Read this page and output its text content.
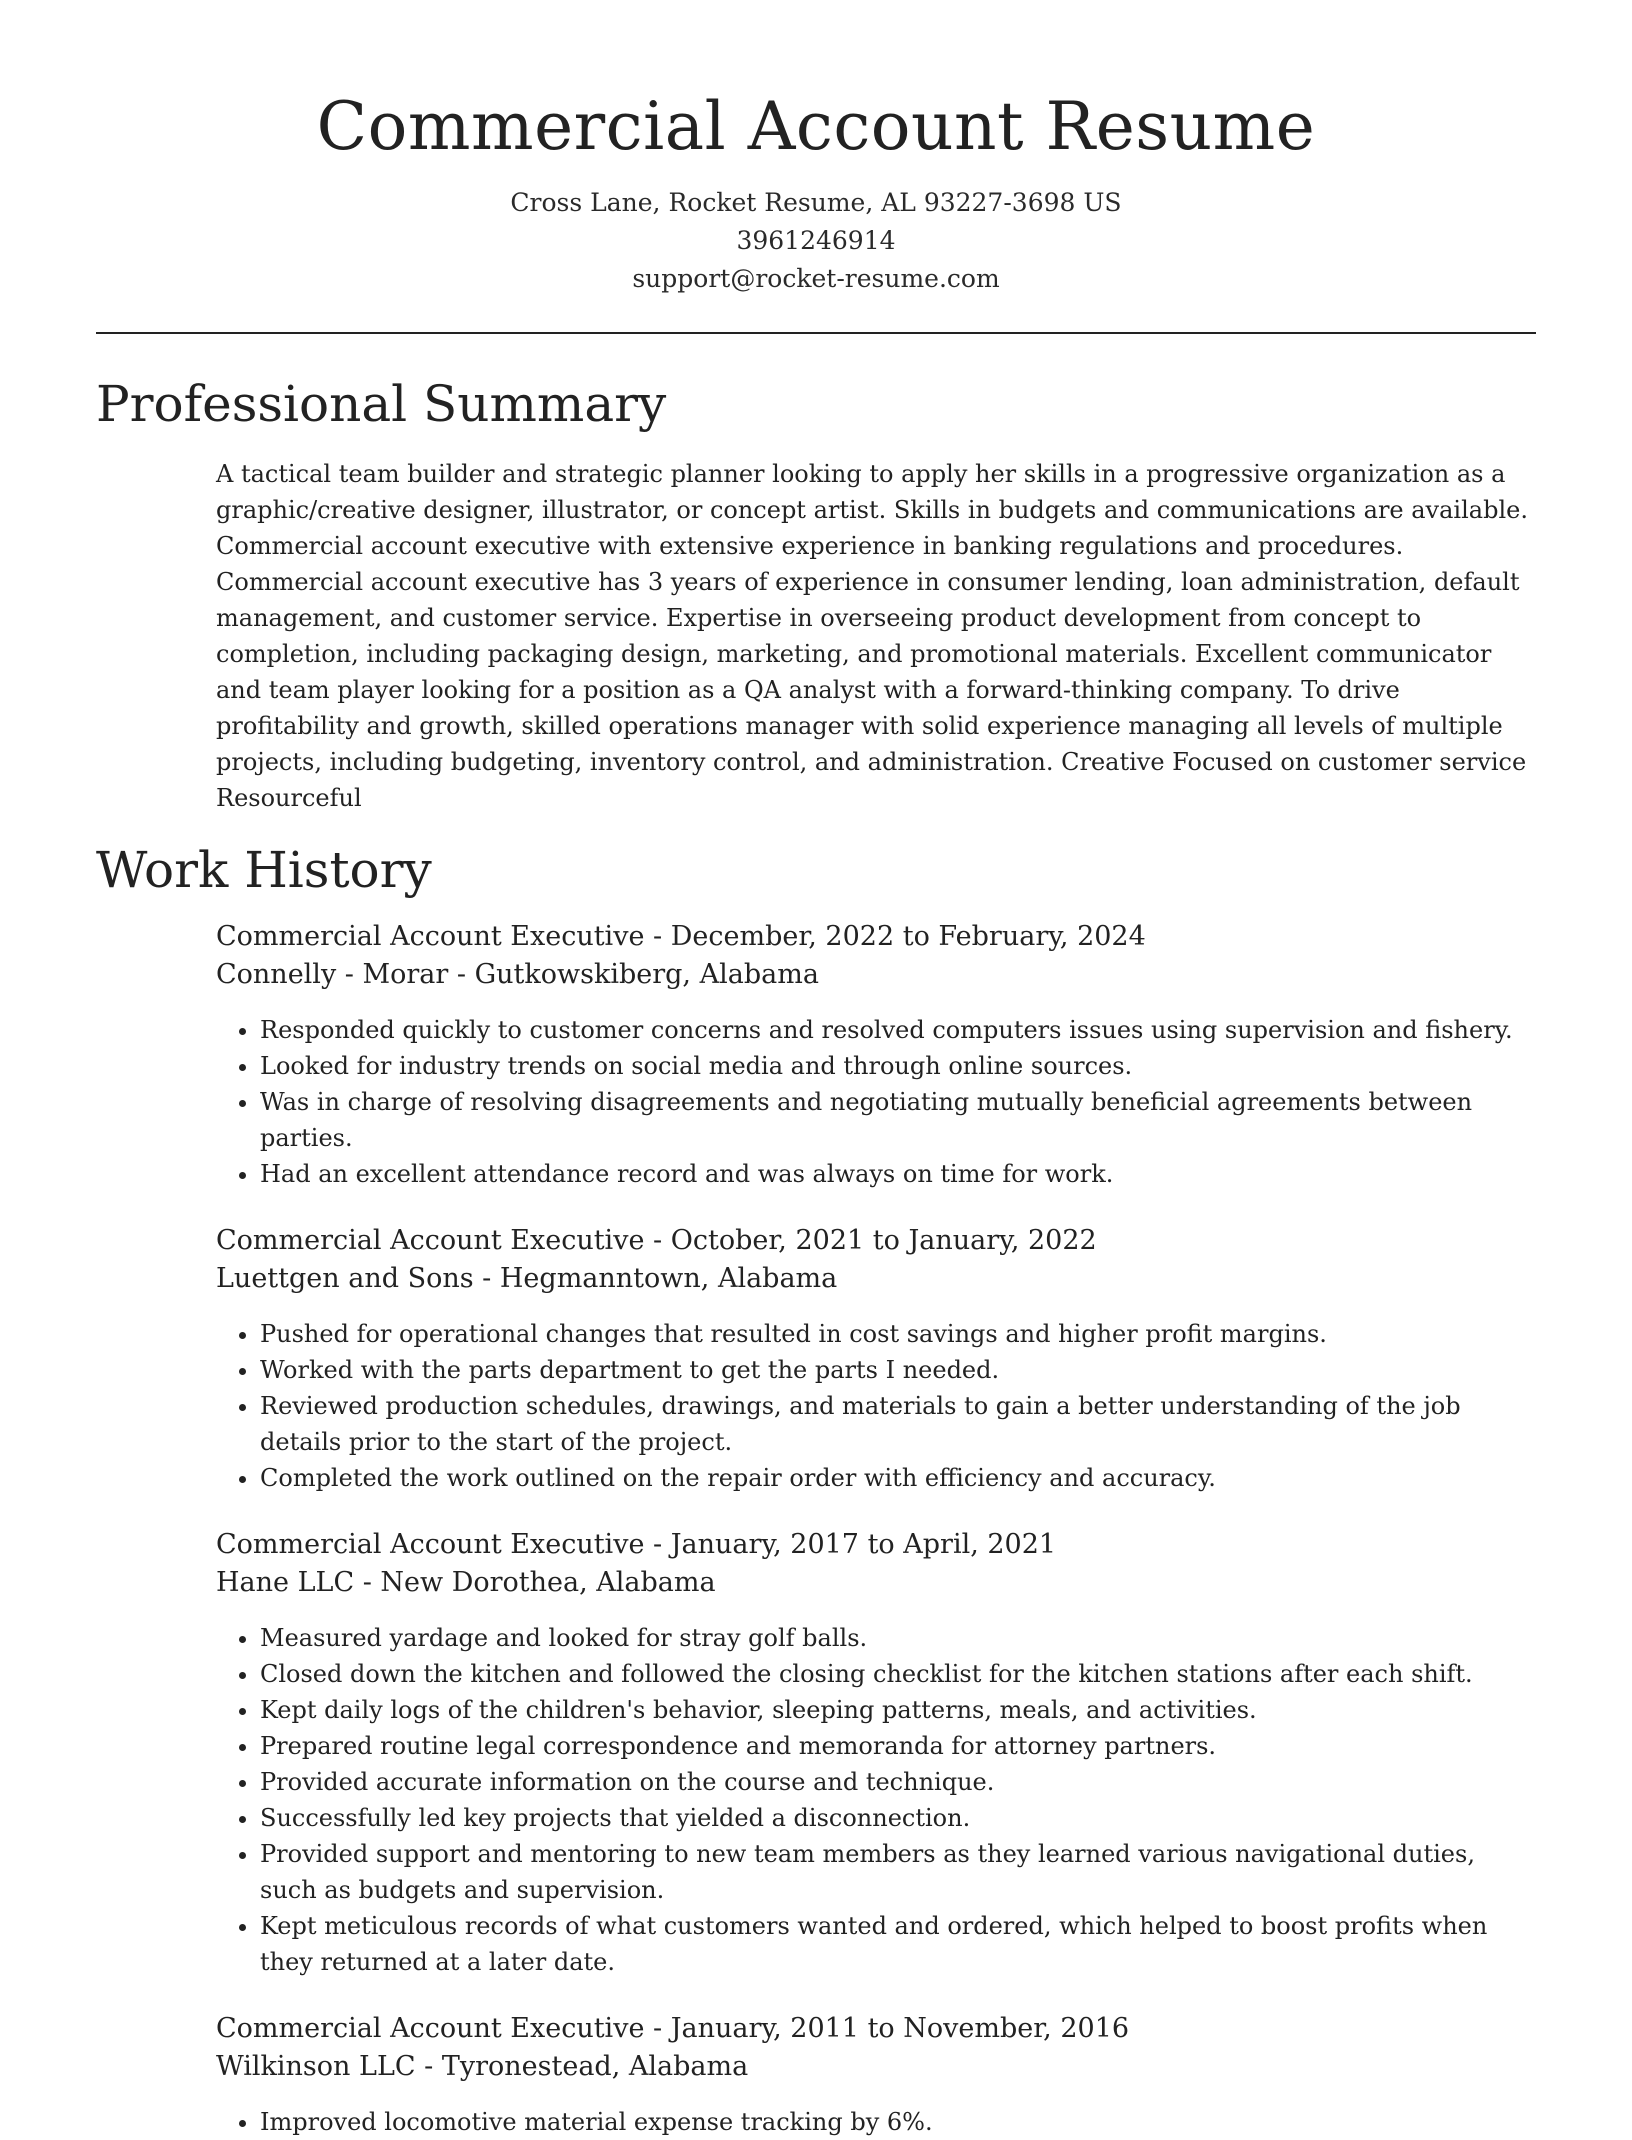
Commercial Account Resume
Cross Lane, Rocket Resume, AL 93227-3698 US
3961246914
support@rocket-resume.com
Professional Summary
A tactical team builder and strategic planner looking to apply her skills in a progressive organization as a graphic/creative designer, illustrator, or concept artist. Skills in budgets and communications are available. Commercial account executive with extensive experience in banking regulations and procedures. Commercial account executive has 3 years of experience in consumer lending, loan administration, default management, and customer service. Expertise in overseeing product development from concept to completion, including packaging design, marketing, and promotional materials. Excellent communicator and team player looking for a position as a QA analyst with a forward-thinking company. To drive profitability and growth, skilled operations manager with solid experience managing all levels of multiple projects, including budgeting, inventory control, and administration. Creative Focused on customer service Resourceful
Work History
Commercial Account Executive - December, 2022 to February, 2024
Connelly - Morar - Gutkowskiberg, Alabama
• Responded quickly to customer concerns and resolved computers issues using supervision and fishery.
• Looked for industry trends on social media and through online sources.
• Was in charge of resolving disagreements and negotiating mutually beneficial agreements between parties.
• Had an excellent attendance record and was always on time for work.
Commercial Account Executive - October, 2021 to January, 2022
Luettgen and Sons - Hegmanntown, Alabama
• Pushed for operational changes that resulted in cost savings and higher profit margins.
• Worked with the parts department to get the parts I needed.
• Reviewed production schedules, drawings, and materials to gain a better understanding of the job details prior to the start of the project.
• Completed the work outlined on the repair order with efficiency and accuracy.
Commercial Account Executive - January, 2017 to April, 2021
Hane LLC - New Dorothea, Alabama
• Measured yardage and looked for stray golf balls.
• Closed down the kitchen and followed the closing checklist for the kitchen stations after each shift.
• Kept daily logs of the children's behavior, sleeping patterns, meals, and activities.
• Prepared routine legal correspondence and memoranda for attorney partners.
• Provided accurate information on the course and technique.
• Successfully led key projects that yielded a disconnection.
• Provided support and mentoring to new team members as they learned various navigational duties, such as budgets and supervision.
• Kept meticulous records of what customers wanted and ordered, which helped to boost profits when they returned at a later date.
Commercial Account Executive - January, 2011 to November, 2016
Wilkinson LLC - Tyronestead, Alabama
• Improved locomotive material expense tracking by 6%.
